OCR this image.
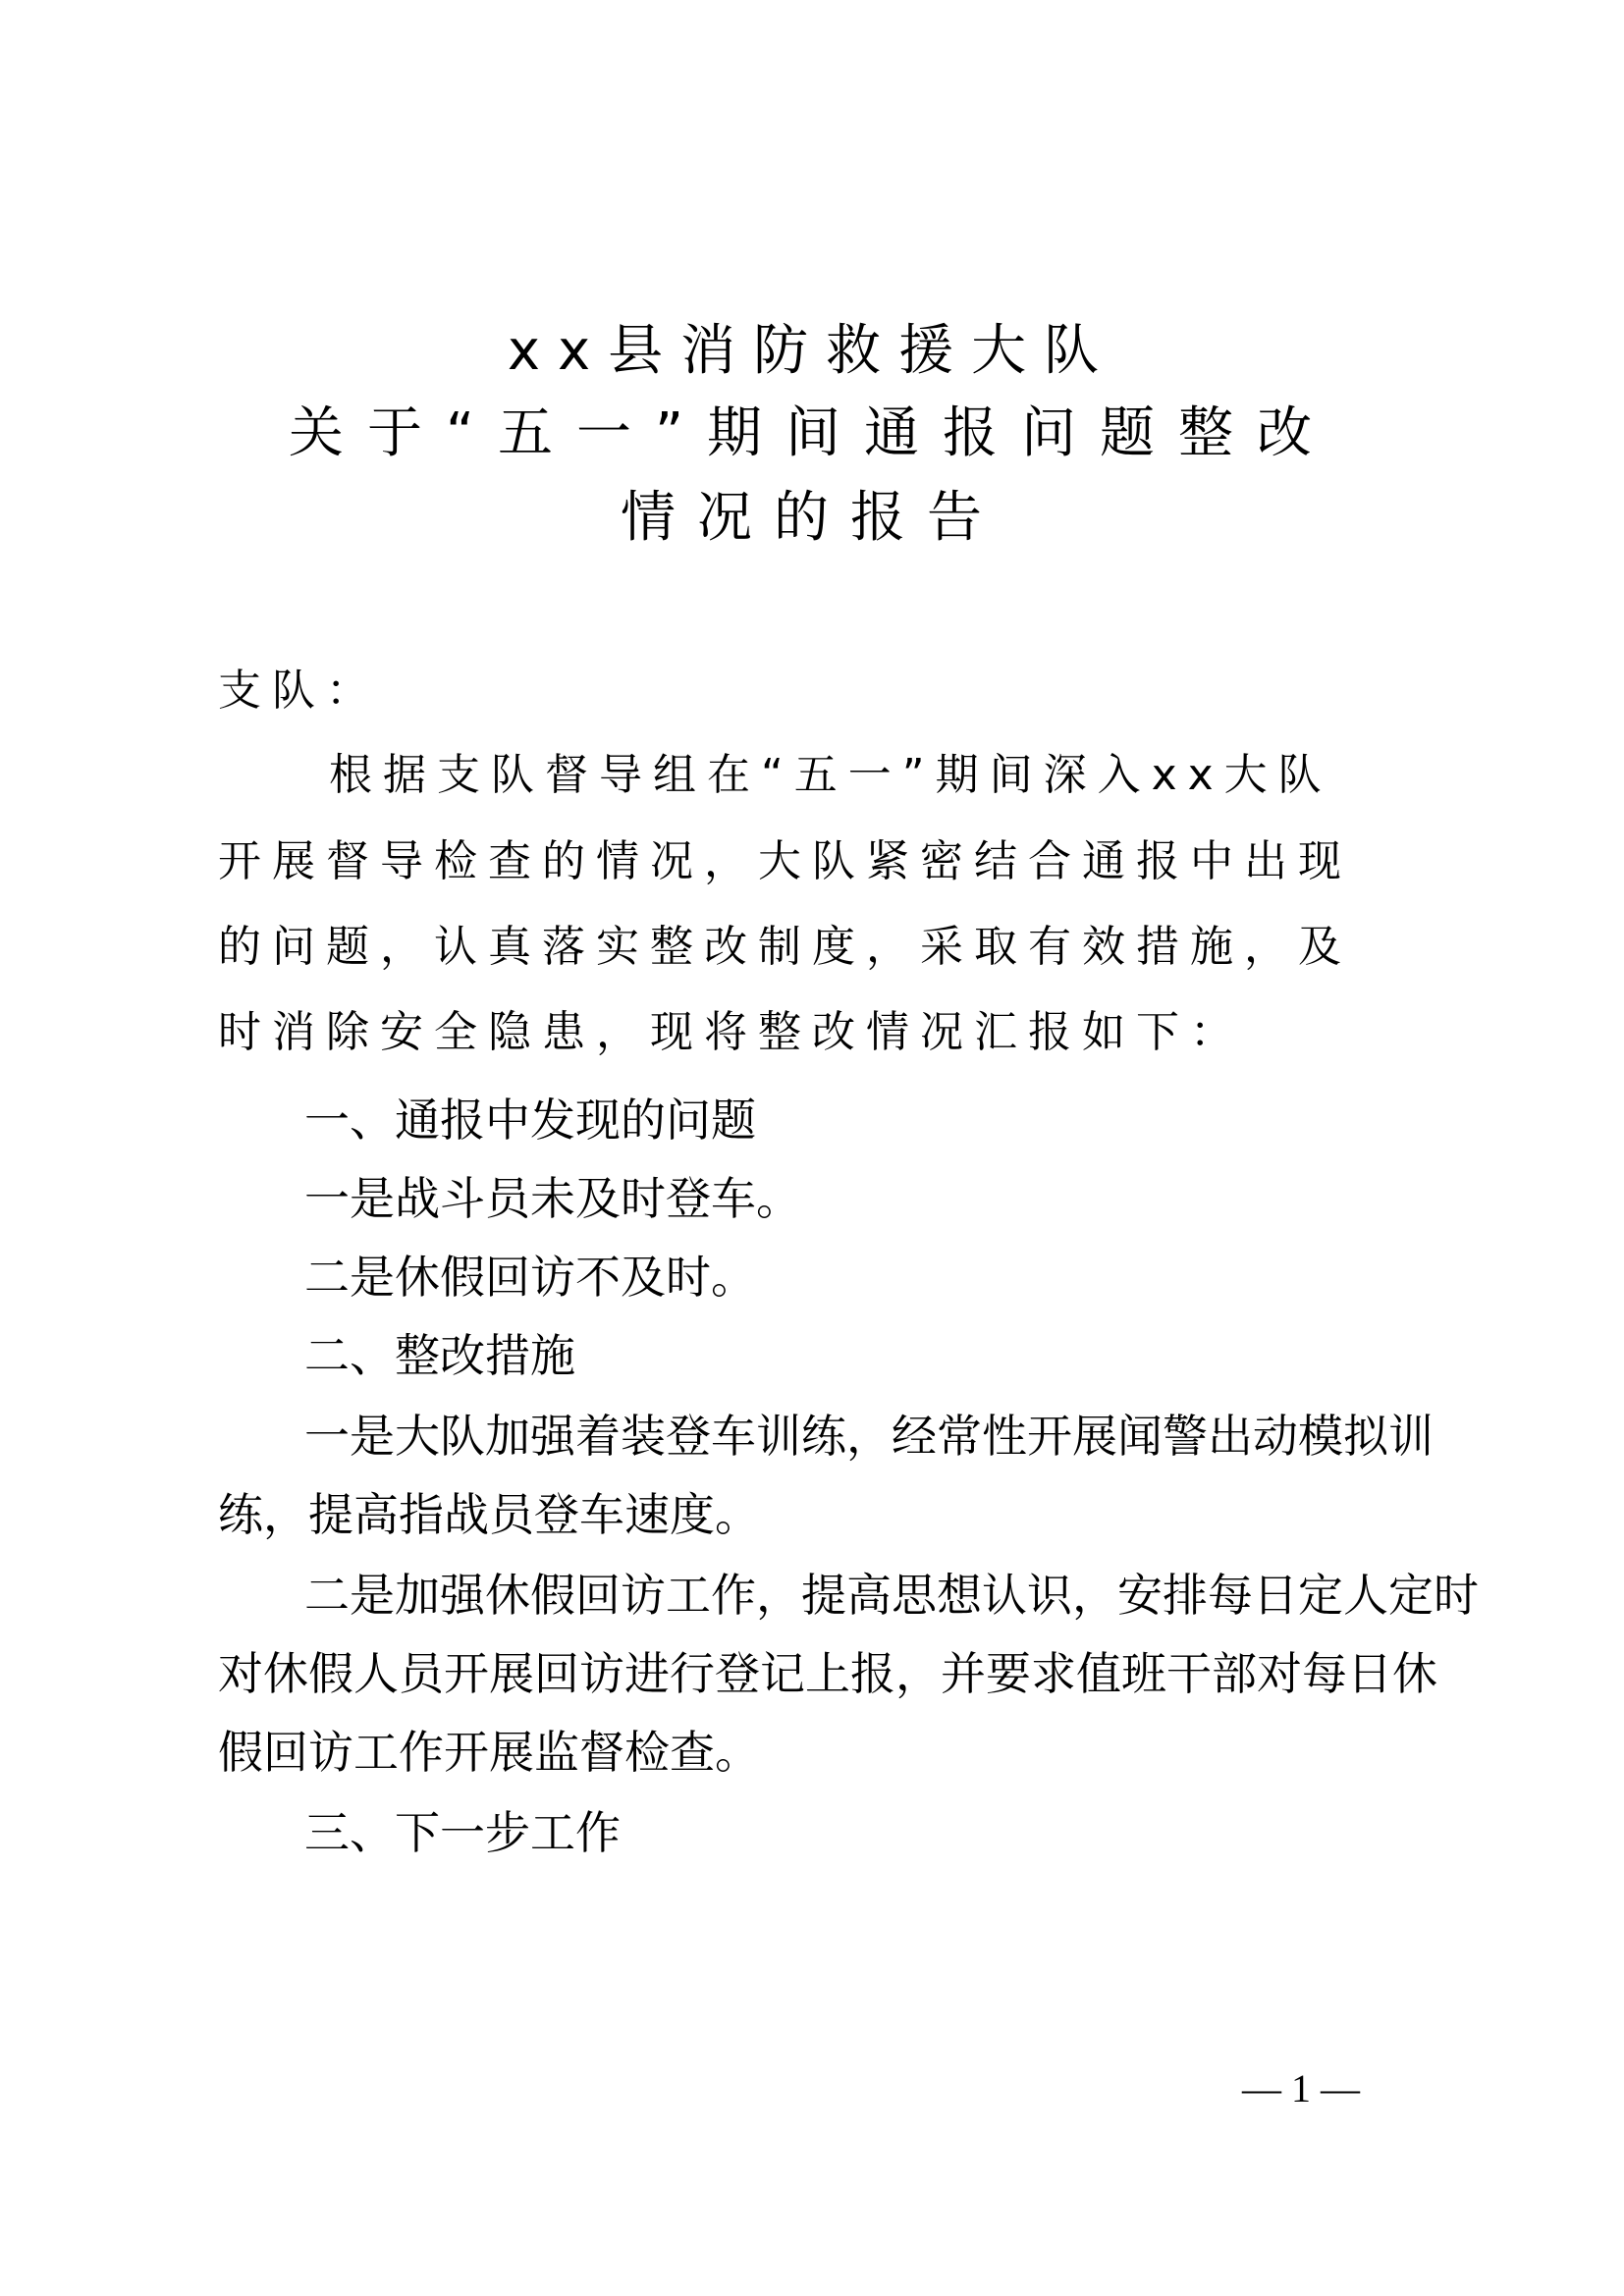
xx县消防救援大队
关于“五一”期间通报问题整改
情况的报告
支队：
根据支队督导组在“五一”期间深入xx大队
开展督导检查的情况，大队紧密结合通报中出现
的问题，认真落实整改制度，采取有效措施，及
时消除安全隐患，现将整改情况汇报如下：
一、通报中发现的问题
一是战斗员未及时登车。
二是休假回访不及时。
二、整改措施
一是大队加强着装登车训练，经常性开展闻警出动模拟训
练，提高指战员登车速度。
二是加强休假回访工作，提高思想认识，安排每日定人定时
对休假人员开展回访进行登记上报，并要求值班干部对每日休
假回访工作开展监督检查。
三、下一步工作
— 1 —
